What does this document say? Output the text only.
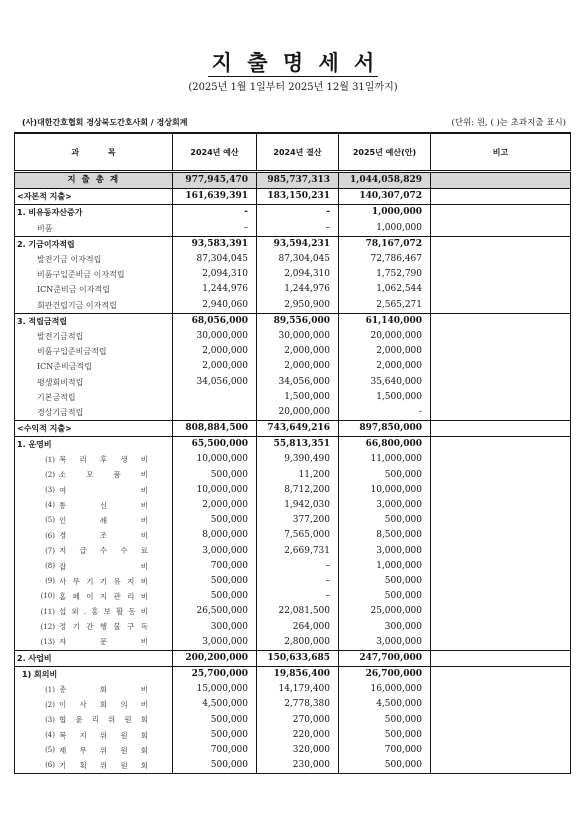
지 출 명 세 서
(2025년 1월 1일부터 2025년 12월 31일까지)
(사)대한간호협회 경상북도간호사회 / 경상회계	(단위: 원, ( )는 초과지출 표시)
과 목	2024년 예산	2024년 결산	2025년 예산(안)	비고
지 출 총 계	977,945,470	985,737,313	1,044,058,829	
<자본적 지출>	161,639,391	183,150,231	140,307,072	
1. 비유동자산증가	-	-	1,000,000	
비품	–	–	1,000,000	
2. 기금이자적립	93,583,391	93,594,231	78,167,072	
발전기금 이자적립	87,304,045	87,304,045	72,786,467	
비품구입준비금 이자적립	2,094,310	2,094,310	1,752,790	
ICN준비금 이자적립	1,244,976	1,244,976	1,062,544	
회관건립기금 이자적립	2,940,060	2,950,900	2,565,271	
3. 적립금적립	68,056,000	89,556,000	61,140,000	
발전기금적립	30,000,000	30,000,000	20,000,000	
비품구입준비금적립	2,000,000	2,000,000	2,000,000	
ICN준비금적립	2,000,000	2,000,000	2,000,000	
평생회비적립	34,056,000	34,056,000	35,640,000	
기본금적립		1,500,000	1,500,000	
경상기금적립		20,000,000	-	
<수익적 지출>	808,884,500	743,649,216	897,850,000	
1. 운영비	65,500,000	55,813,351	66,800,000	
(1) 복 리 후 생 비	10,000,000	9,390,490	11,000,000	
(2) 소 모 품 비	500,000	11,200	500,000	
(3) 여 비	10,000,000	8,712,200	10,000,000	
(4) 통 신 비	2,000,000	1,942,030	3,000,000	
(5) 인 쇄 비	500,000	377,200	500,000	
(6) 경 조 비	8,000,000	7,565,000	8,500,000	
(7) 지 급 수 수 료	3,000,000	2,669,731	3,000,000	
(8) 잡 비	700,000	–	1,000,000	
(9) 사 무 기 기 유 지 비	500,000	–	500,000	
(10) 홈 페 이 지 관 리 비	500,000	–	500,000	
(11) 섭 외 . 홍 보 활 동 비	26,500,000	22,081,500	25,000,000	
(12) 정 기 간 행 물 구 독	300,000	264,000	300,000	
(13) 자 문 비	3,000,000	2,800,000	3,000,000	
2. 사업비	200,200,000	150,633,685	247,700,000	
1) 회의비	25,700,000	19,856,400	26,700,000	
(1) 총 회 비	15,000,000	14,179,400	16,000,000	
(2) 이 사 회 의 비	4,500,000	2,778,380	4,500,000	
(3) 협 윤 리 위 원 회	500,000	270,000	500,000	
(4) 복 지 위 원 회	500,000	220,000	500,000	
(5) 재 무 위 원 회	700,000	320,000	700,000	
(6) 기 획 위 원 회	500,000	230,000	500,000	
